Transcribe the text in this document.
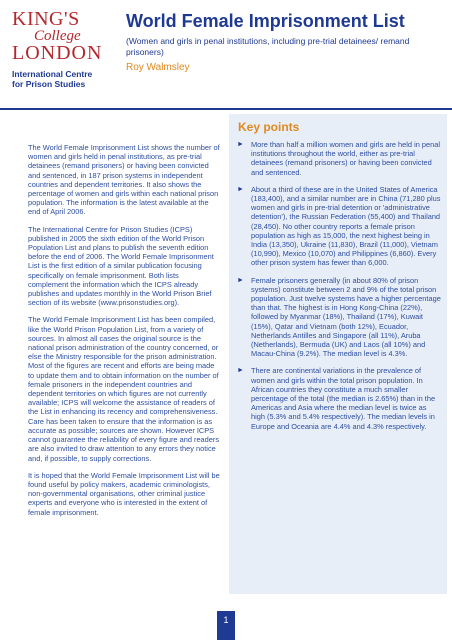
KING'S
College
LONDON
International Centre
for Prison Studies
World Female Imprisonment List
(Women and girls in penal institutions, including pre-trial detainees/ remand prisoners)
Roy Walmsley

The World Female Imprisonment List shows the number of women and girls held in penal institutions, as pre-trial detainees (remand prisoners) or having been convicted and sentenced, in 187 prison systems in independent countries and dependent territories. It also shows the percentage of women and girls within each national prison population. The information is the latest available at the end of April 2006.

The International Centre for Prison Studies (ICPS) published in 2005 the sixth edition of the World Prison Population List and plans to publish the seventh edition before the end of 2006. The World Female Imprisonment List is the first edition of a similar publication focusing specifically on female imprisonment. Both lists complement the information which the ICPS already publishes and updates monthly in the World Prison Brief section of its website (www.prisonstudies.org).

The World Female Imprisonment List has been compiled, like the World Prison Population List, from a variety of sources. In almost all cases the original source is the national prison administration of the country concerned, or else the Ministry responsible for the prison administration. Most of the figures are recent and efforts are being made to update them and to obtain information on the number of female prisoners in the independent countries and dependent territories on which figures are not currently available; ICPS will welcome the assistance of readers of the List in enhancing its recency and comprehensiveness. Care has been taken to ensure that the information is as accurate as possible; sources are shown. However ICPS cannot guarantee the reliability of every figure and readers are also invited to draw attention to any errors they notice and, if possible, to supply corrections.

It is hoped that the World Female Imprisonment List will be found useful by policy makers, academic criminologists, non-governmental organisations, other criminal justice experts and everyone who is interested in the extent of female imprisonment.

Key points
► More than half a million women and girls are held in penal institutions throughout the world, either as pre-trial detainees (remand prisoners) or having been convicted and sentenced.
► About a third of these are in the United States of America (183,400), and a similar number are in China (71,280 plus women and girls in pre-trial detention or 'administrative detention'), the Russian Federation (55,400) and Thailand (28,450). No other country reports a female prison population as high as 15,000, the next highest being in India (13,350), Ukraine (11,830), Brazil (11,000), Vietnam (10,990), Mexico (10,070) and Philippines (6,860). Every other prison system has fewer than 6,000.
► Female prisoners generally (in about 80% of prison systems) constitute between 2 and 9% of the total prison population. Just twelve systems have a higher percentage than that. The highest is in Hong Kong-China (22%), followed by Myanmar (18%), Thailand (17%), Kuwait (15%), Qatar and Vietnam (both 12%), Ecuador, Netherlands Antilles and Singapore (all 11%), Aruba (Netherlands), Bermuda (UK) and Laos (all 10%) and Macau-China (9.2%). The median level is 4.3%.
► There are continental variations in the prevalence of women and girls within the total prison population. In African countries they constitute a much smaller percentage of the total (the median is 2.65%) than in the Americas and Asia where the median level is twice as high (5.3% and 5.4% respectively). The median levels in Europe and Oceania are 4.4% and 4.3% respectively.
1
